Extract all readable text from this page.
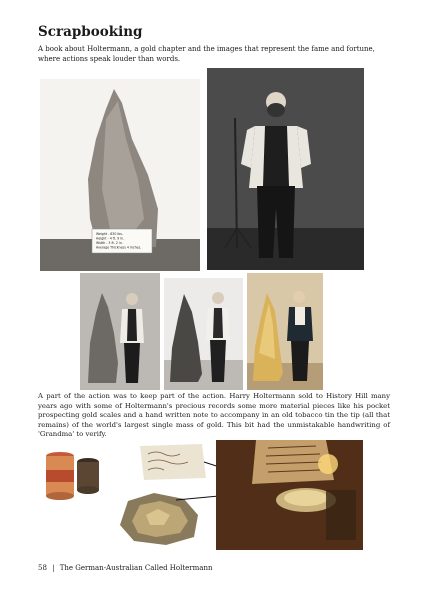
Scrapbooking
A book about Holtermann, a gold chapter and the images that represent the fame and fortune, where actions speak louder than words.
Weight - 630 lbs. Height - 4 ft. 9 in. Width - 3 ft. 2 in. Average Thickness 4 Inches.
A part of the action was to keep part of the action. Harry Holtermann sold to History Hill many years ago with some of Holtermann's precious records some more material pieces like his pocket prospecting gold scales and a hand written note to accompany in an old tobacco tin the tip (all that remains) of the world's largest single mass of gold. This bit had the unmistakable handwriting of 'Grandma' to verify.
58 | The German-Australian Called Holtermann
